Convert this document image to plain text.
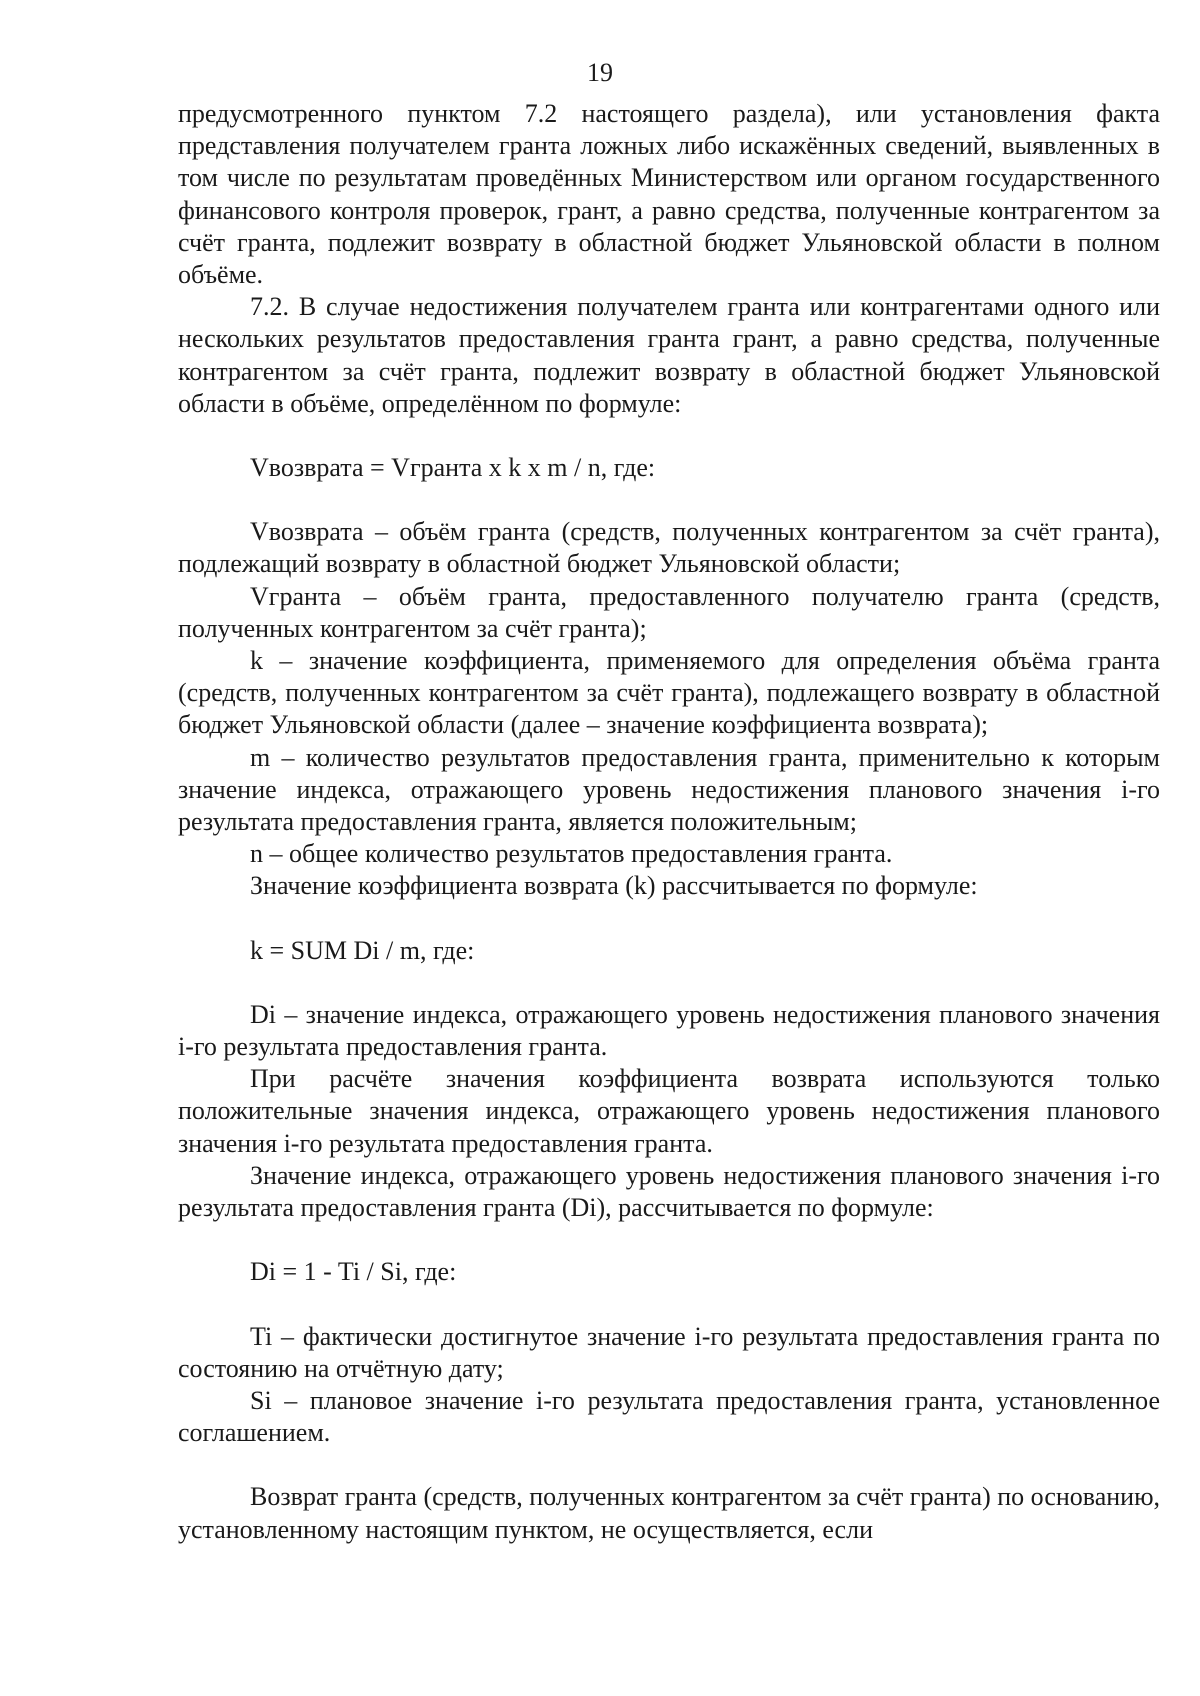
19

предусмотренного пунктом 7.2 настоящего раздела), или установления факта представления получателем гранта ложных либо искажённых сведений, выявленных в том числе по результатам проведённых Министерством или органом государственного финансового контроля проверок, грант, а равно средства, полученные контрагентом за счёт гранта, подлежит возврату в областной бюджет Ульяновской области в полном объёме.

7.2. В случае недостижения получателем гранта или контрагентами одного или нескольких результатов предоставления гранта грант, а равно средства, полученные контрагентом за счёт гранта, подлежит возврату в областной бюджет Ульяновской области в объёме, определённом по формуле:

Vвозврата = Vгранта x k x m / n, где:

Vвозврата – объём гранта (средств, полученных контрагентом за счёт гранта), подлежащий возврату в областной бюджет Ульяновской области;

Vгранта – объём гранта, предоставленного получателю гранта (средств, полученных контрагентом за счёт гранта);

k – значение коэффициента, применяемого для определения объёма гранта (средств, полученных контрагентом за счёт гранта), подлежащего возврату в областной бюджет Ульяновской области (далее – значение коэффициента возврата);

m – количество результатов предоставления гранта, применительно к которым значение индекса, отражающего уровень недостижения планового значения i-го результата предоставления гранта, является положительным;

n – общее количество результатов предоставления гранта.

Значение коэффициента возврата (k) рассчитывается по формуле:

k = SUM Di / m, где:

Di – значение индекса, отражающего уровень недостижения планового значения i-го результата предоставления гранта.

При расчёте значения коэффициента возврата используются только положительные значения индекса, отражающего уровень недостижения планового значения i-го результата предоставления гранта.

Значение индекса, отражающего уровень недостижения планового значения i-го результата предоставления гранта (Di), рассчитывается по формуле:

Di = 1 - Ti / Si, где:

Ti – фактически достигнутое значение i-го результата предоставления гранта по состоянию на отчётную дату;

Si – плановое значение i-го результата предоставления гранта, установленное соглашением.

Возврат гранта (средств, полученных контрагентом за счёт гранта) по основанию, установленному настоящим пунктом, не осуществляется, если
